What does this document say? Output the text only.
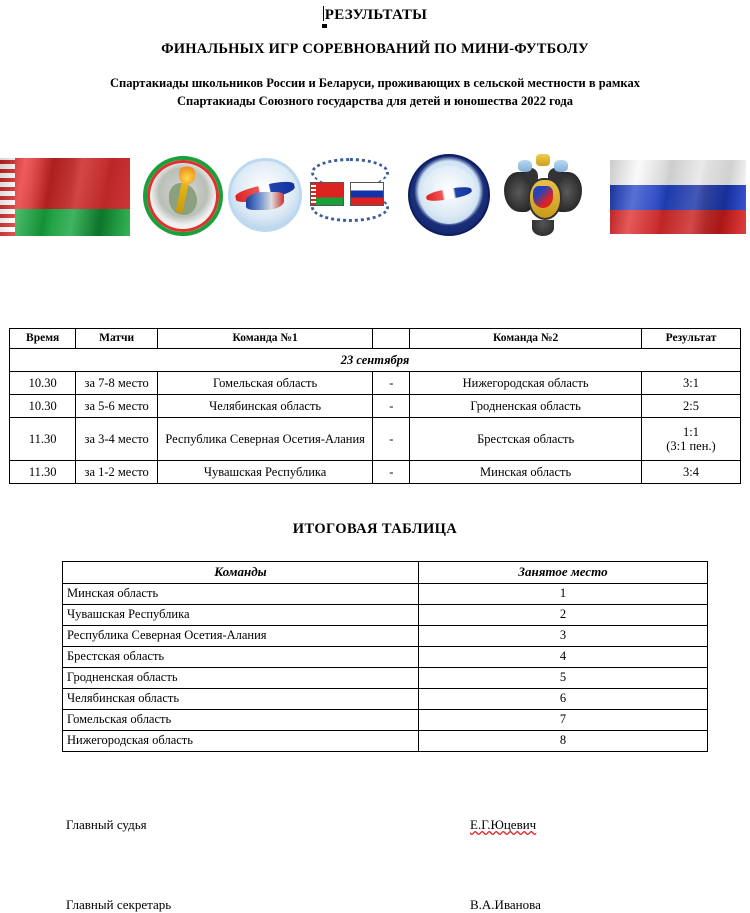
РЕЗУЛЬТАТЫ
ФИНАЛЬНЫХ ИГР СОРЕВНОВАНИЙ ПО МИНИ-ФУТБОЛУ
Спартакиады школьников России и Беларуси, проживающих в сельской местности в рамках Спартакиады Союзного государства для детей и юношества 2022 года
Время	Матчи	Команда №1		Команда №2	Результат
23 сентября					
10.30	за 7-8 место	Гомельская область	-	Нижегородская область	3:1
10.30	за 5-6 место	Челябинская область	-	Гродненская область	2:5
11.30	за 3-4 место	Республика Северная Осетия-Алания	-	Брестская область	1:1
(3:1 пен.)
11.30	за 1-2 место	Чувашская Республика	-	Минская область	3:4
ИТОГОВАЯ ТАБЛИЦА
Команды	Занятое место
Минская область	1
Чувашская Республика	2
Республика Северная Осетия-Алания	3
Брестская область	4
Гродненская область	5
Челябинская область	6
Гомельская область	7
Нижегородская область	8
Главный судья	Е.Г.Юцевич
Главный секретарь	В.А.Иванова
